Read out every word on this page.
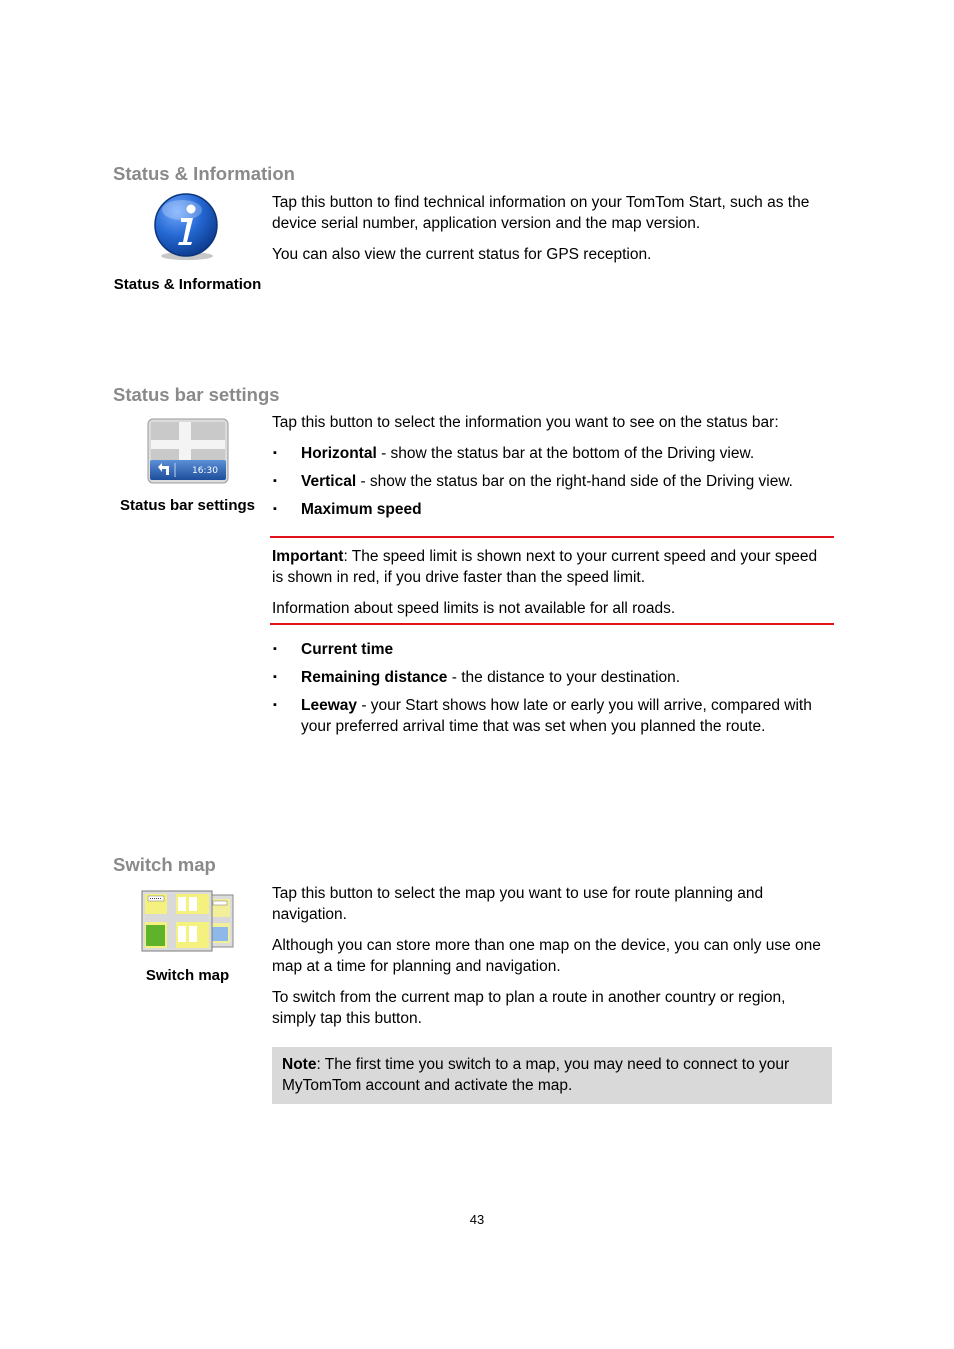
Status & Information
Status & Information

Tap this button to find technical information on your TomTom Start, such as the device serial number, application version and the map version.

You can also view the current status for GPS reception.

Status bar settings
16:30
Status bar settings

Tap this button to select the information you want to see on the status bar:

▪ Horizontal - show the status bar at the bottom of the Driving view.
▪ Vertical - show the status bar on the right-hand side of the Driving view.
▪ Maximum speed

Important: The speed limit is shown next to your current speed and your speed is shown in red, if you drive faster than the speed limit.

Information about speed limits is not available for all roads.

▪ Current time
▪ Remaining distance - the distance to your destination.
▪ Leeway - your Start shows how late or early you will arrive, compared with your preferred arrival time that was set when you planned the route.
Switch map
Switch map

Tap this button to select the map you want to use for route planning and navigation.

Although you can store more than one map on the device, you can only use one map at a time for planning and navigation.

To switch from the current map to plan a route in another country or region, simply tap this button.

Note: The first time you switch to a map, you may need to connect to your MyTomTom account and activate the map.
43
